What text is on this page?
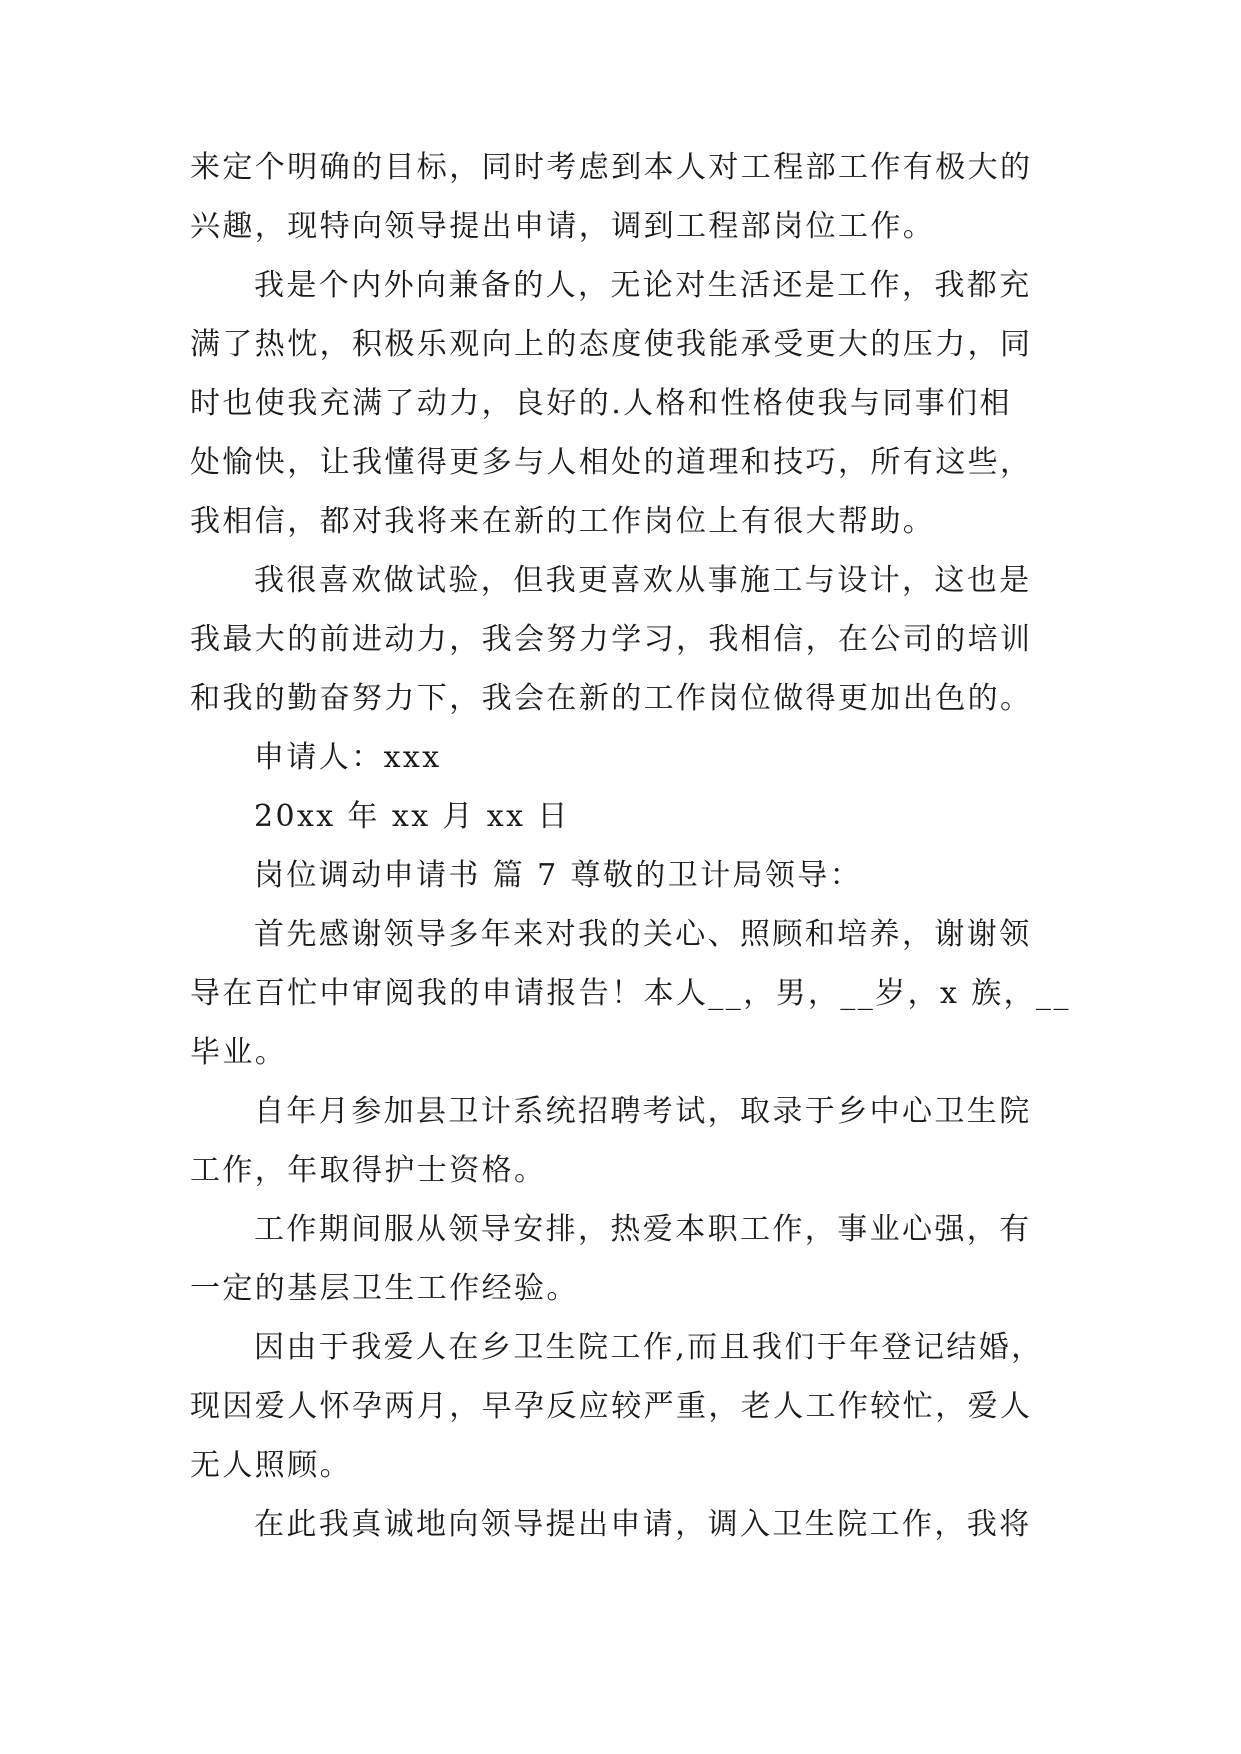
来定个明确的目标，同时考虑到本人对工程部工作有极大的
兴趣，现特向领导提出申请，调到工程部岗位工作。
我是个内外向兼备的人，无论对生活还是工作，我都充
满了热忱，积极乐观向上的态度使我能承受更大的压力，同
时也使我充满了动力，良好的.人格和性格使我与同事们相
处愉快，让我懂得更多与人相处的道理和技巧，所有这些，
我相信，都对我将来在新的工作岗位上有很大帮助。
我很喜欢做试验，但我更喜欢从事施工与设计，这也是
我最大的前进动力，我会努力学习，我相信，在公司的培训
和我的勤奋努力下，我会在新的工作岗位做得更加出色的。
申请人：xxx
20xx 年 xx 月 xx 日
岗位调动申请书 篇 7 尊敬的卫计局领导：
首先感谢领导多年来对我的关心、照顾和培养，谢谢领
导在百忙中审阅我的申请报告！本人__，男，__岁，x 族，__
毕业。
自年月参加县卫计系统招聘考试，取录于乡中心卫生院
工作，年取得护士资格。
工作期间服从领导安排，热爱本职工作，事业心强，有
一定的基层卫生工作经验。
因由于我爱人在乡卫生院工作,而且我们于年登记结婚，
现因爱人怀孕两月，早孕反应较严重，老人工作较忙，爱人
无人照顾。
在此我真诚地向领导提出申请，调入卫生院工作，我将
